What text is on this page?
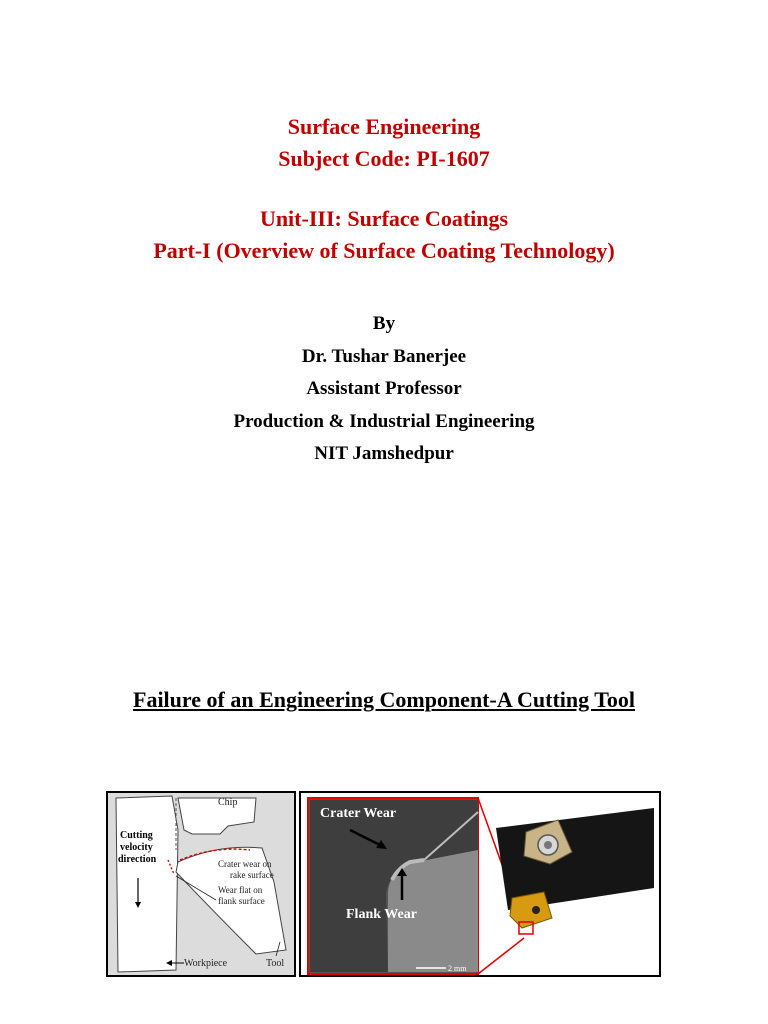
Surface Engineering
Subject Code: PI-1607
Unit-III: Surface Coatings
Part-I (Overview of Surface Coating Technology)
By
Dr. Tushar Banerjee
Assistant Professor
Production & Industrial Engineering
NIT Jamshedpur
Failure of an Engineering Component-A Cutting Tool
Chip
Cutting
velocity
direction	Crater wear on
rake surface
Wear flat on
flank surface
Workpiece	Tool
Crater Wear
Flank Wear
2 mm
